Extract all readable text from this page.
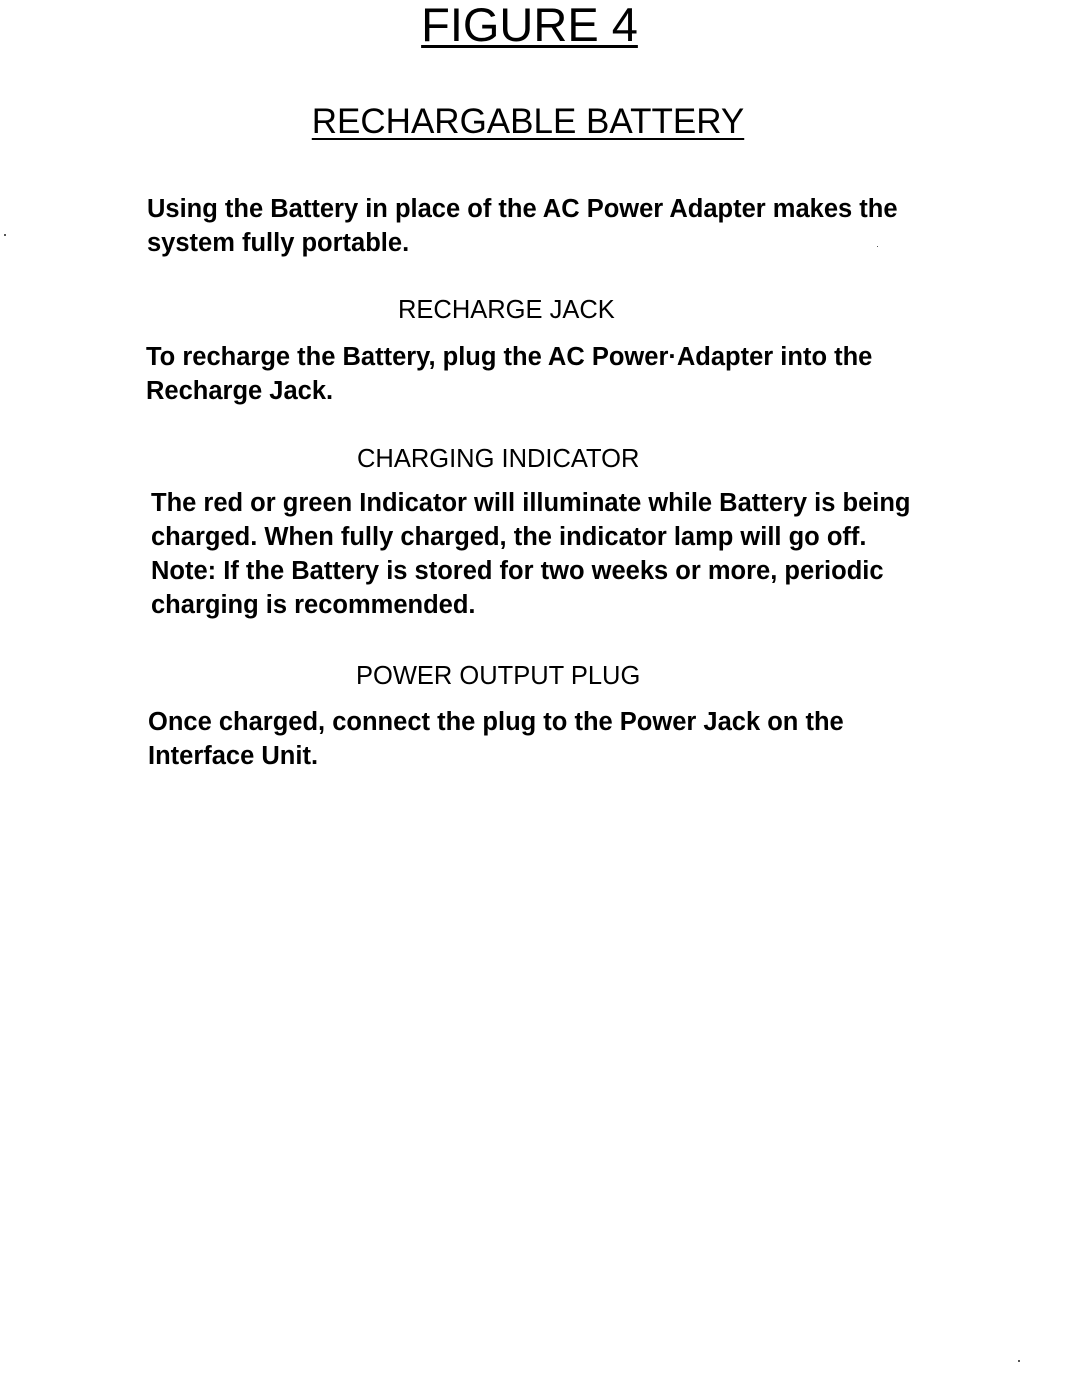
FIGURE 4
RECHARGABLE BATTERY
Using the Battery in place of the AC Power Adapter makes the
system fully portable.
RECHARGE JACK
To recharge the Battery, plug the AC Power·Adapter into the
Recharge Jack.
CHARGING INDICATOR
The red or green Indicator will illuminate while Battery is being
charged. When fully charged, the indicator lamp will go off.
Note: If the Battery is stored for two weeks or more, periodic
charging is recommended.
POWER OUTPUT PLUG
Once charged, connect the plug to the Power Jack on the
Interface Unit.
